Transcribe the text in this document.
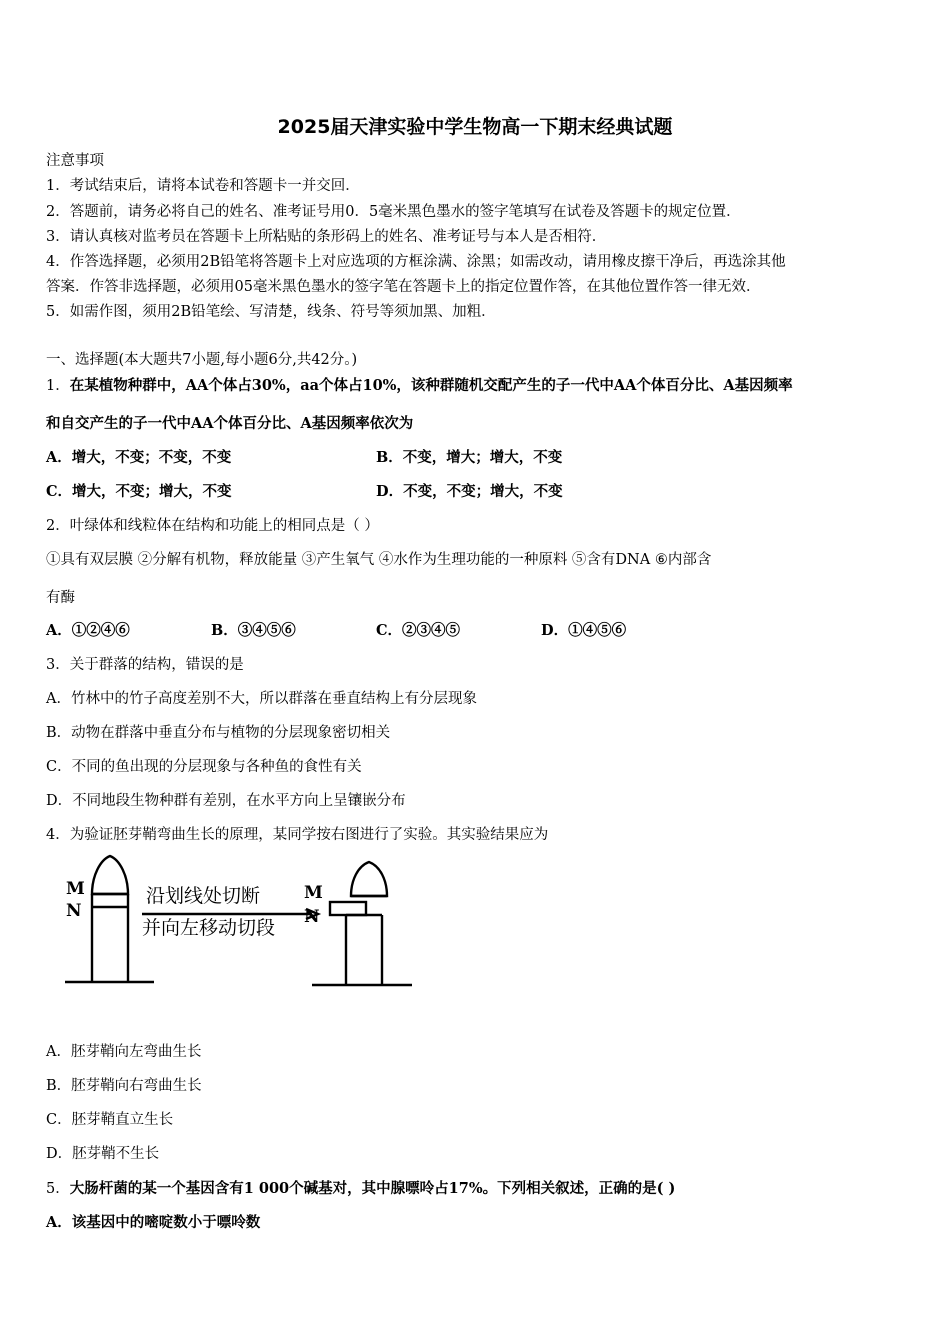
2025届天津实验中学生物高一下期末经典试题
注意事项
1．考试结束后，请将本试卷和答题卡一并交回．
2．答题前，请务必将自己的姓名、准考证号用0．5毫米黑色墨水的签字笔填写在试卷及答题卡的规定位置．
3．请认真核对监考员在答题卡上所粘贴的条形码上的姓名、准考证号与本人是否相符．
4．作答选择题，必须用2B铅笔将答题卡上对应选项的方框涂满、涂黑；如需改动，请用橡皮擦干净后，再选涂其他
答案．作答非选择题，必须用05毫米黑色墨水的签字笔在答题卡上的指定位置作答，在其他位置作答一律无效．
5．如需作图，须用2B铅笔绘、写清楚，线条、符号等须加黑、加粗．
一、选择题(本大题共7小题,每小题6分,共42分。)
1．在某植物种群中，AA个体占30%，aa个体占10%，该种群随机交配产生的子一代中AA个体百分比、A基因频率
和自交产生的子一代中AA个体百分比、A基因频率依次为
A．增大，不变；不变，不变	B．不变，增大；增大，不变
C．增大，不变；增大，不变	D．不变，不变；增大，不变
2．叶绿体和线粒体在结构和功能上的相同点是（ ）
①具有双层膜 ②分解有机物，释放能量 ③产生氧气 ④水作为生理功能的一种原料 ⑤含有DNA ⑥内部含
有酶
A．①②④⑥	B．③④⑤⑥	C．②③④⑤	D．①④⑤⑥
3．关于群落的结构，错误的是
A．竹林中的竹子高度差别不大，所以群落在垂直结构上有分层现象
B．动物在群落中垂直分布与植物的分层现象密切相关
C．不同的鱼出现的分层现象与各种鱼的食性有关
D．不同地段生物种群有差别，在水平方向上呈镶嵌分布
4．为验证胚芽鞘弯曲生长的原理，某同学按右图进行了实验。其实验结果应为
M
N
M
N
沿划线处切断
并向左移动切段
A．胚芽鞘向左弯曲生长
B．胚芽鞘向右弯曲生长
C．胚芽鞘直立生长
D．胚芽鞘不生长
5．大肠杆菌的某一个基因含有1 000个碱基对，其中腺嘌呤占17%。下列相关叙述，正确的是( )
A．该基因中的嘧啶数小于嘌呤数
